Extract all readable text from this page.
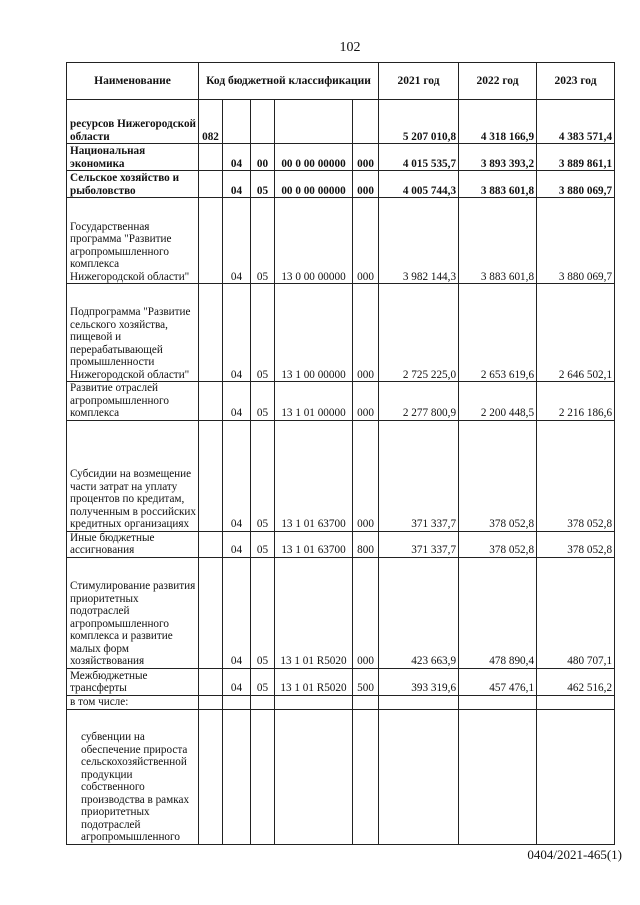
102
Наименование	Код бюджетной классификации					2021 год	2022 год	2023 год
ресурсов Нижегородской области	082					5 207 010,8	4 318 166,9	4 383 571,4
Национальная экономика		04	00	00 0 00 00000	000	4 015 535,7	3 893 393,2	3 889 861,1
Сельское хозяйство и рыболовство		04	05	00 0 00 00000	000	4 005 744,3	3 883 601,8	3 880 069,7
Государственная программа "Развитие агропромышленного комплекса Нижегородской области"		04	05	13 0 00 00000	000	3 982 144,3	3 883 601,8	3 880 069,7
Подпрограмма "Развитие сельского хозяйства, пищевой и перерабатывающей промышленности Нижегородской области"		04	05	13 1 00 00000	000	2 725 225,0	2 653 619,6	2 646 502,1
Развитие отраслей агропромышленного комплекса		04	05	13 1 01 00000	000	2 277 800,9	2 200 448,5	2 216 186,6
Субсидии на возмещение части затрат на уплату процентов по кредитам, полученным в российских кредитных организациях		04	05	13 1 01 63700	000	371 337,7	378 052,8	378 052,8
Иные бюджетные ассигнования		04	05	13 1 01 63700	800	371 337,7	378 052,8	378 052,8
Стимулирование развития приоритетных подотраслей агропромышленного комплекса и развитие малых форм хозяйствования		04	05	13 1 01 R5020	000	423 663,9	478 890,4	480 707,1
Межбюджетные трансферты		04	05	13 1 01 R5020	500	393 319,6	457 476,1	462 516,2
в том числе:								
субвенции на обеспечение прироста сельскохозяйственной продукции собственного производства в рамках приоритетных подотраслей агропромышленного								
0404/2021-465(1)
